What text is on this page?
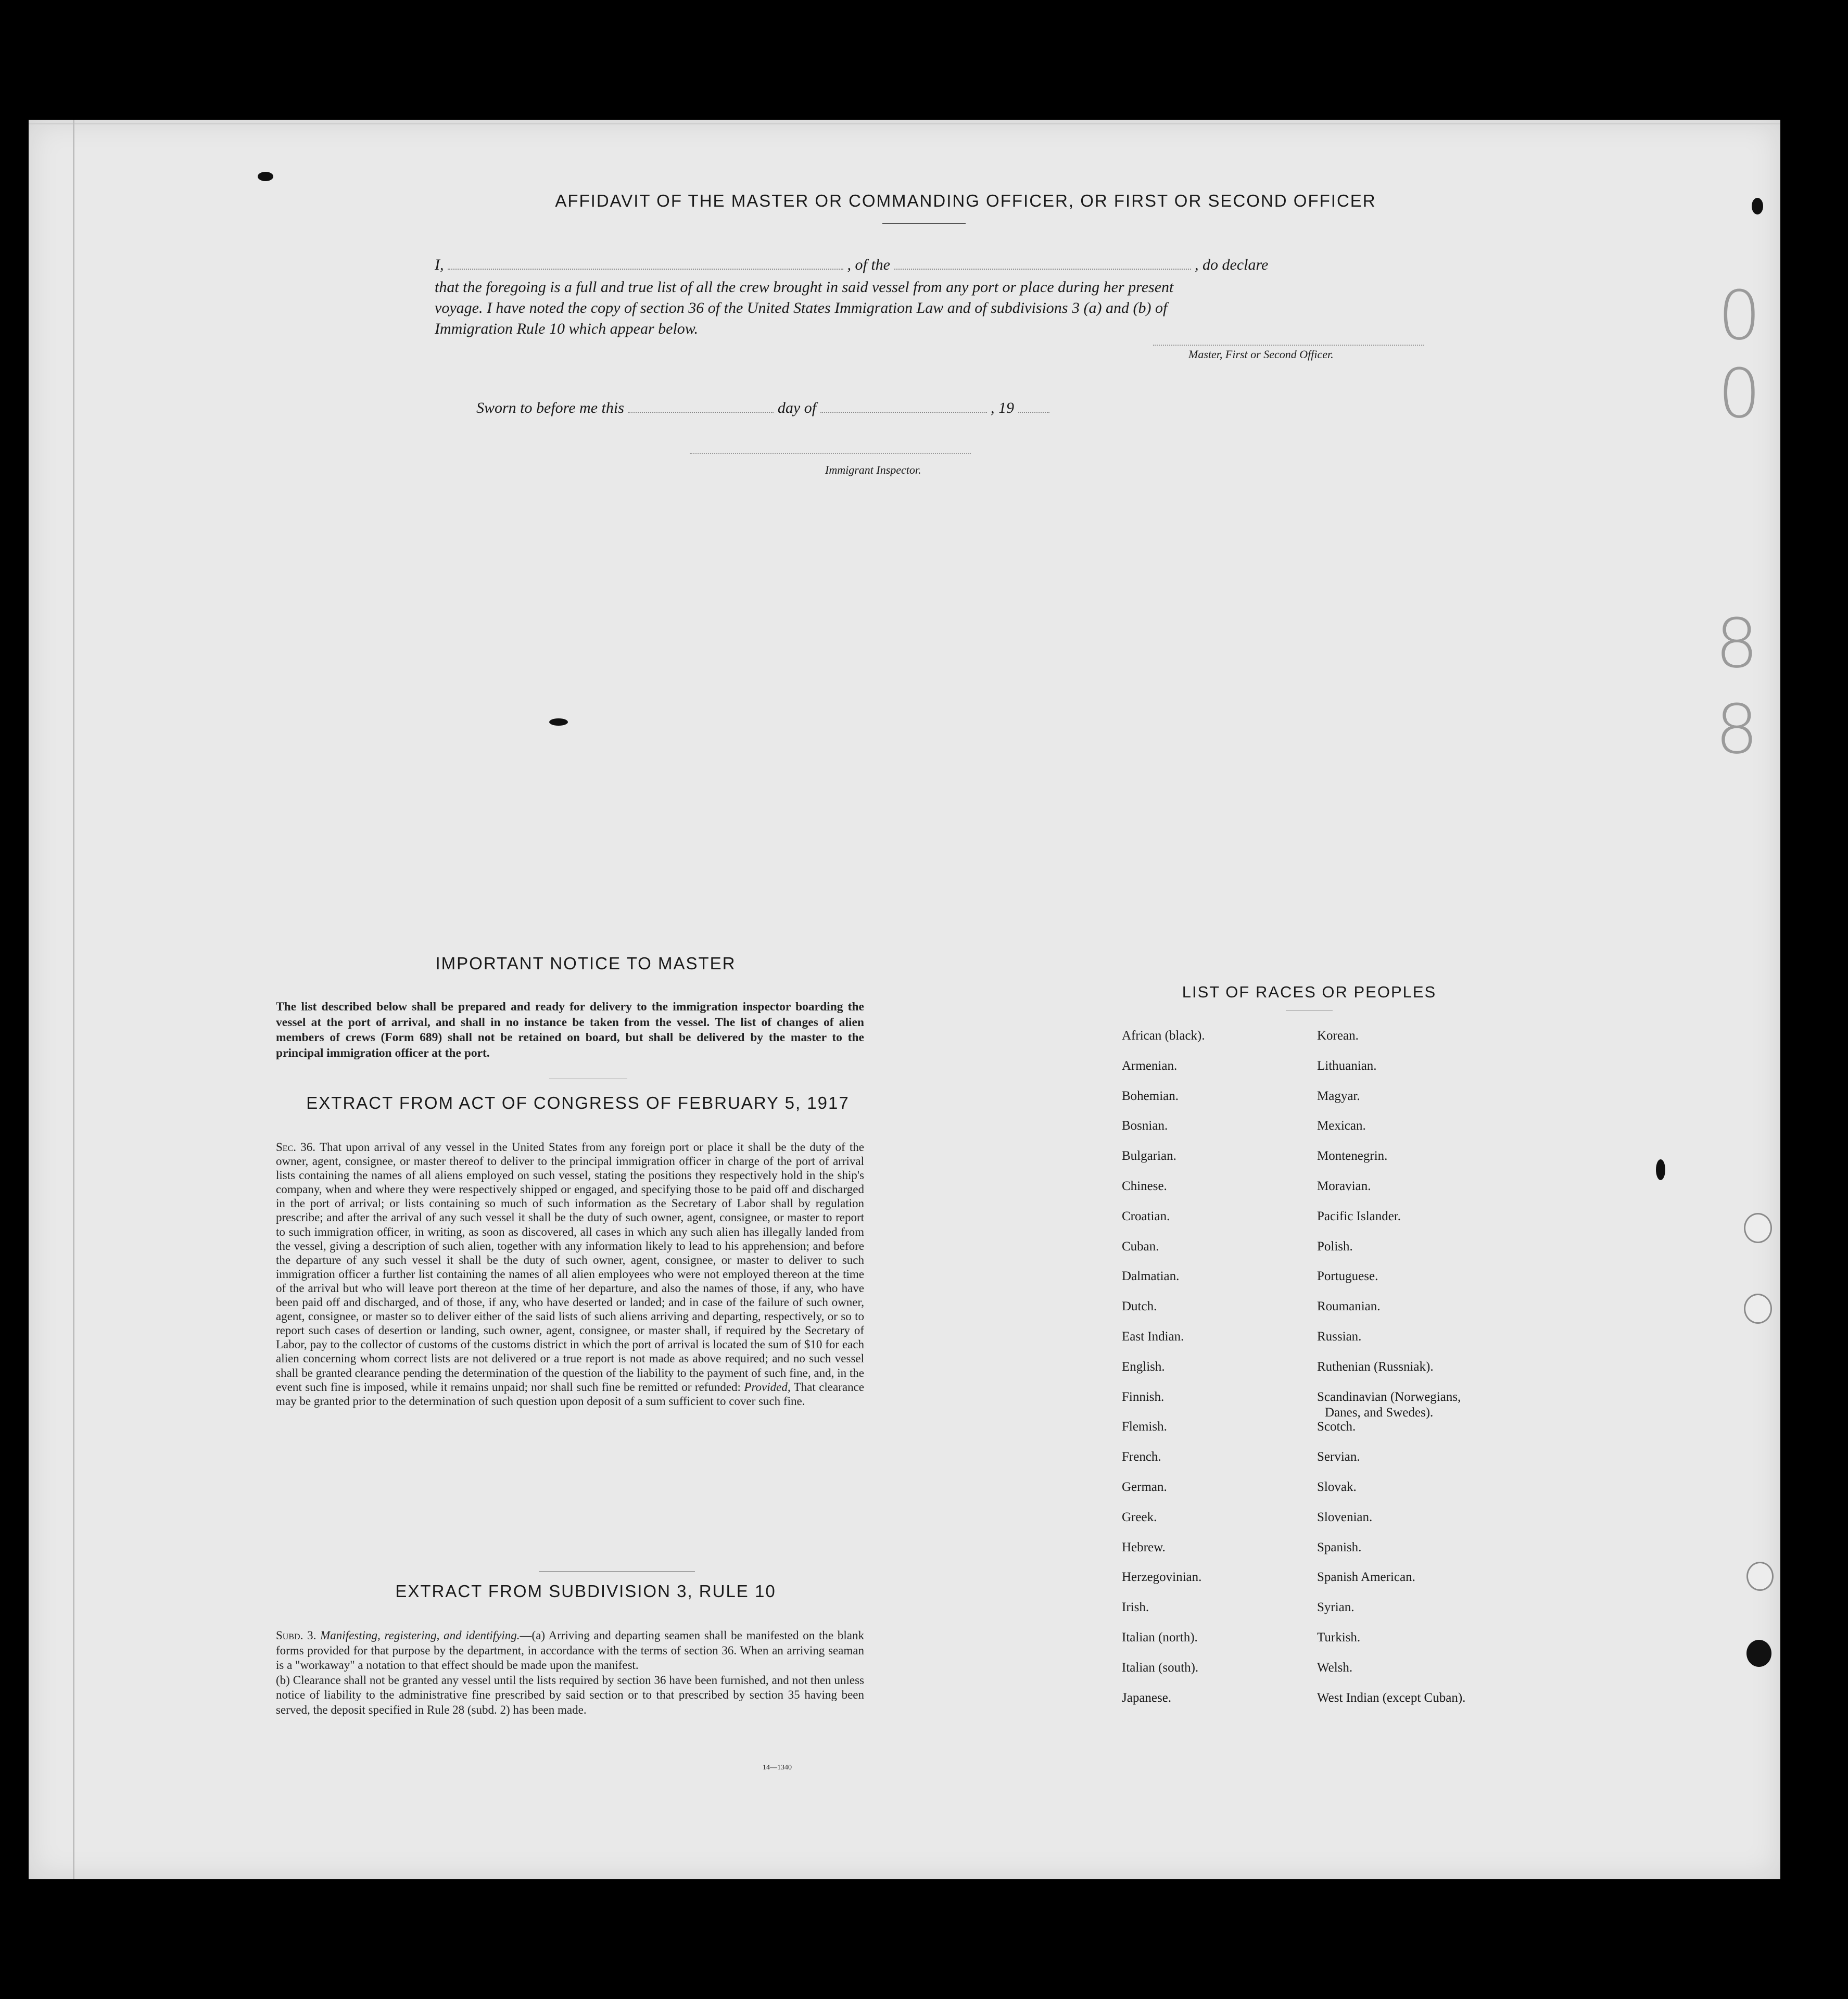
AFFIDAVIT OF THE MASTER OR COMMANDING OFFICER, OR FIRST OR SECOND OFFICER
I,	, of the	, do declare
that the foregoing is a full and true list of all the crew brought in said vessel from any port or place during her present
voyage. I have noted the copy of section 36 of the United States Immigration Law and of subdivisions 3 (a) and (b) of
Immigration Rule 10 which appear below.
Master, First or Second Officer.
Sworn to before me this	day of	, 19
Immigrant Inspector.
IMPORTANT NOTICE TO MASTER
The list described below shall be prepared and ready for delivery to the immigration inspector boarding the vessel at the port of arrival, and shall in no instance be taken from the vessel. The list of changes of alien members of crews (Form 689) shall not be retained on board, but shall be delivered by the master to the principal immigration officer at the port.
EXTRACT FROM ACT OF CONGRESS OF FEBRUARY 5, 1917
Sec. 36. That upon arrival of any vessel in the United States from any foreign port or place it shall be the duty of the owner, agent, consignee, or master thereof to deliver to the principal immigration officer in charge of the port of arrival lists containing the names of all aliens employed on such vessel, stating the positions they respectively hold in the ship's company, when and where they were respectively shipped or engaged, and specifying those to be paid off and discharged in the port of arrival; or lists containing so much of such information as the Secretary of Labor shall by regulation prescribe; and after the arrival of any such vessel it shall be the duty of such owner, agent, consignee, or master to report to such immigration officer, in writing, as soon as discovered, all cases in which any such alien has illegally landed from the vessel, giving a description of such alien, together with any information likely to lead to his apprehension; and before the departure of any such vessel it shall be the duty of such owner, agent, consignee, or master to deliver to such immigration officer a further list containing the names of all alien employees who were not employed thereon at the time of the arrival but who will leave port thereon at the time of her departure, and also the names of those, if any, who have been paid off and discharged, and of those, if any, who have deserted or landed; and in case of the failure of such owner, agent, consignee, or master so to deliver either of the said lists of such aliens arriving and departing, respectively, or so to report such cases of desertion or landing, such owner, agent, consignee, or master shall, if required by the Secretary of Labor, pay to the collector of customs of the customs district in which the port of arrival is located the sum of $10 for each alien concerning whom correct lists are not delivered or a true report is not made as above required; and no such vessel shall be granted clearance pending the determination of the question of the liability to the payment of such fine, and, in the event such fine is imposed, while it remains unpaid; nor shall such fine be remitted or refunded: Provided, That clearance may be granted prior to the determination of such question upon deposit of a sum sufficient to cover such fine.
EXTRACT FROM SUBDIVISION 3, RULE 10
Subd. 3. Manifesting, registering, and identifying.—(a) Arriving and departing seamen shall be manifested on the blank forms provided for that purpose by the department, in accordance with the terms of section 36. When an arriving seaman is a "workaway" a notation to that effect should be made upon the manifest.
(b) Clearance shall not be granted any vessel until the lists required by section 36 have been furnished, and not then unless notice of liability to the administrative fine prescribed by said section or to that prescribed by section 35 having been served, the deposit specified in Rule 28 (subd. 2) has been made.
14—1340
LIST OF RACES OR PEOPLES
African (black).
Armenian.
Bohemian.
Bosnian.
Bulgarian.
Chinese.
Croatian.
Cuban.
Dalmatian.
Dutch.
East Indian.
English.
Finnish.
Flemish.
French.
German.
Greek.
Hebrew.
Herzegovinian.
Irish.
Italian (north).
Italian (south).
Japanese.
Korean.
Lithuanian.
Magyar.
Mexican.
Montenegrin.
Moravian.
Pacific Islander.
Polish.
Portuguese.
Roumanian.
Russian.
Ruthenian (Russniak).
Scandinavian (Norwegians,
Danes, and Swedes).
Scotch.
Servian.
Slovak.
Slovenian.
Spanish.
Spanish American.
Syrian.
Turkish.
Welsh.
West Indian (except Cuban).
0
0
8
8
